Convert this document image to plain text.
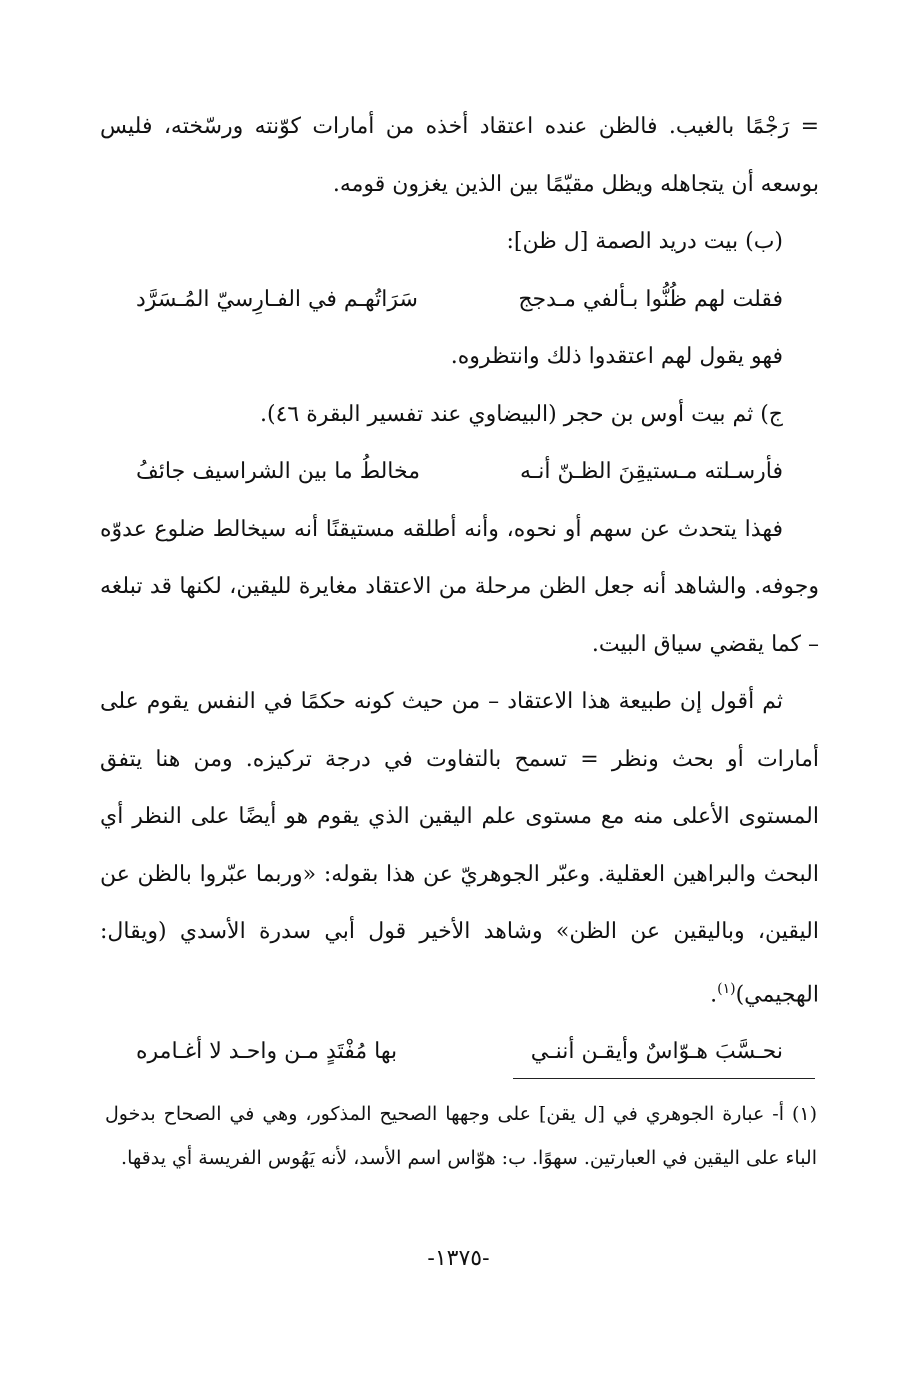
= رَجْمًا بالغيب. فالظن عنده اعتقاد أخذه من أمارات كوّنته ورسّخته، فليس بوسعه أن يتجاهله ويظل مقيّمًا بين الذين يغزون قومه.

(ب) بيت دريد الصمة [ل ظن]:

فقلت لهم ظُنُّوا بـألفي مـدجج
سَرَاتُهـم في الفـارِسيّ المُـسَرَّد

فهو يقول لهم اعتقدوا ذلك وانتظروه.

ج) ثم بيت أوس بن حجر (البيضاوي عند تفسير البقرة ٤٦).

فأرسـلته مـستيقِنَ الظـنّ أنـه
مخالطُ ما بين الشراسيف جائفُ

فهذا يتحدث عن سهم أو نحوه، وأنه أطلقه مستيقنًا أنه سيخالط ضلوع عدوّه وجوفه. والشاهد أنه جعل الظن مرحلة من الاعتقاد مغايرة لليقين، لكنها قد تبلغه – كما يقضي سياق البيت.

ثم أقول إن طبيعة هذا الاعتقاد – من حيث كونه حكمًا في النفس يقوم على أمارات أو بحث ونظر = تسمح بالتفاوت في درجة تركيزه. ومن هنا يتفق المستوى الأعلى منه مع مستوى علم اليقين الذي يقوم هو أيضًا على النظر أي البحث والبراهين العقلية. وعبّر الجوهريّ عن هذا بقوله: «وربما عبّروا بالظن عن اليقين، وباليقين عن الظن» وشاهد الأخير قول أبي سدرة الأسدي (ويقال: الهجيمي)$^{(١)}$.

نحـسَّبَ هـوّاسٌ وأيقـن أننـي
بها مُفْتَدٍ مـن واحـد لا أغـامره

(١) أ- عبارة الجوهري في [ل يقن] على وجهها الصحيح المذكور، وهي في الصحاح بدخول الباء على اليقين في العبارتين. سهوًا. ب: هوّاس اسم الأسد، لأنه يَهُوس الفريسة أي يدقها.

-١٣٧٥-
